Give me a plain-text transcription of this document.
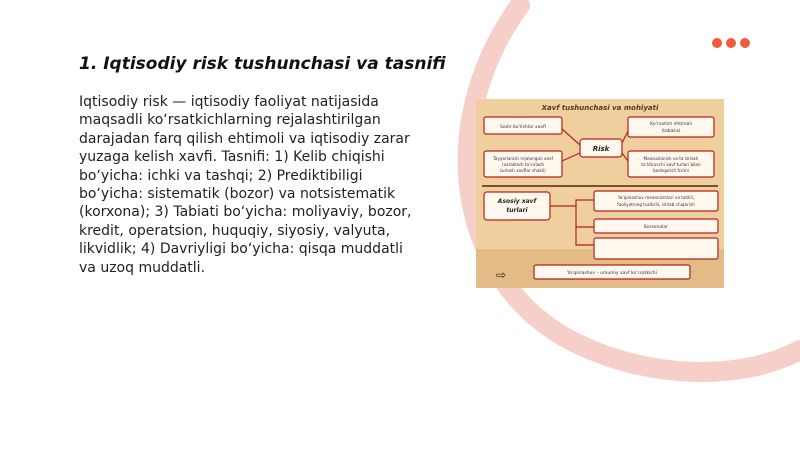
1. Iqtisodiy risk tushunchasi va tasnifi

Iqtisodiy risk — iqtisodiy faoliyat natijasida maqsadli ko‘rsatkichlarning rejalashtirilgan darajadan farq qilish ehtimoli va iqtisodiy zarar yuzaga kelish xavfi. Tasnifi: 1) Kelib chiqishi bo‘yicha: ichki va tashqi; 2) Prediktibiligi bo‘yicha: sistematik (bozor) va notsistematik (korxona); 3) Tabiati bo‘yicha: moliyaviy, bozor, kredit, operatsion, huquqiy, siyosiy, valyuta, likvidlik; 4) Davriyligi bo‘yicha: qisqa muddatli va uzoq muddatli.

Xavf tushunchasi va mohiyati
Sodir bo‘lishlar xavfi
Ko‘rsatish ehtimoli
(tabaka)
Risk
Tayyorlanish rejalangan xavf
(xarakterli ta‘sirlash
turlash xavflar shakli)
Maxsuslanish va ta‘sirlash
to‘ldiruvchi xavf turlari bilan
boshqarish tizimi
Asosiy xavf
turlari
Ya‘qinlashuv mexanizmlari va tahlili,
faoliyatning tuzilishi, ishlab chiqarish
Korxonalar
⇨	Ya‘qinlashuv – umumiy xavf ko‘rsatkichi
